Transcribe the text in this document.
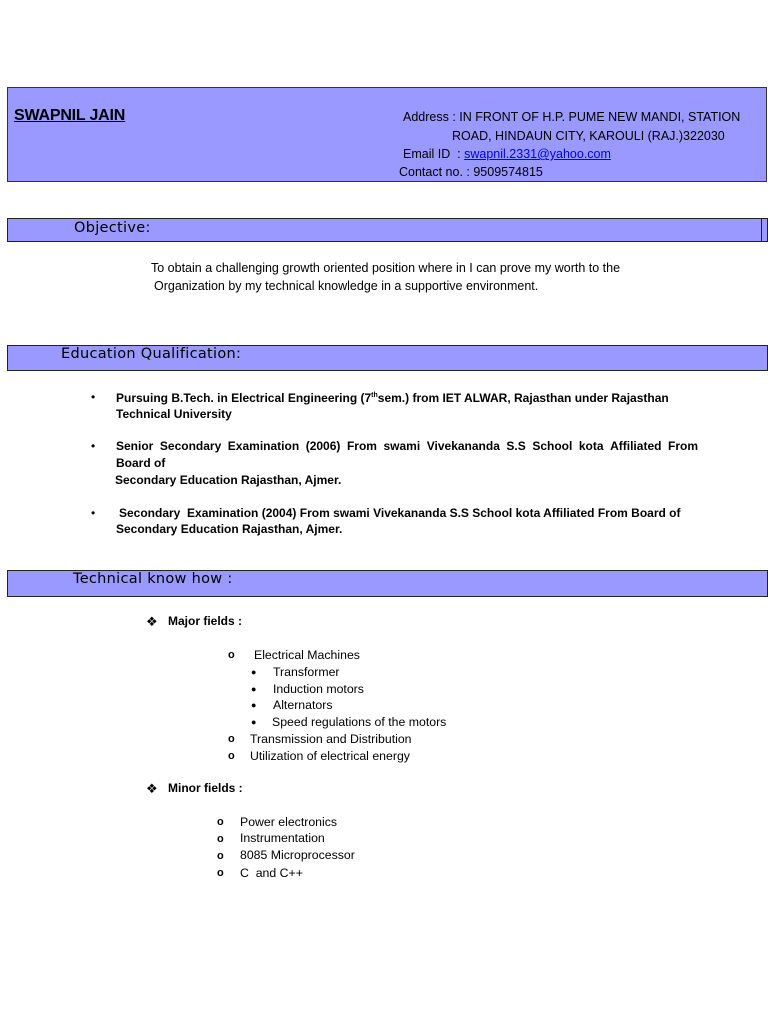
SWAPNIL JAIN	Address : IN FRONT OF H.P. PUME NEW MANDI, STATION
ROAD, HINDAUN CITY, KAROULI (RAJ.)322030
Email ID  : swapnil.2331@yahoo.com
Contact no. : 9509574815
Objective:
To obtain a challenging growth oriented position where in I can prove my worth to the
Organization by my technical knowledge in a supportive environment.
Education Qualification:
• Pursuing B.Tech. in Electrical Engineering (7thsem.) from IET ALWAR, Rajasthan under Rajasthan
Technical University
• Senior Secondary Examination (2006) From swami Vivekananda S.S School kota Affiliated From
Board of
Secondary Education Rajasthan, Ajmer.
• Secondary  Examination (2004) From swami Vivekananda S.S School kota Affiliated From Board of
Secondary Education Rajasthan, Ajmer.
Technical know how :
❖ Major fields :
o Electrical Machines
● Transformer
● Induction motors
● Alternators
● Speed regulations of the motors
o Transmission and Distribution
o Utilization of electrical energy
❖ Minor fields :
o Power electronics
o Instrumentation
o 8085 Microprocessor
o C  and C++
